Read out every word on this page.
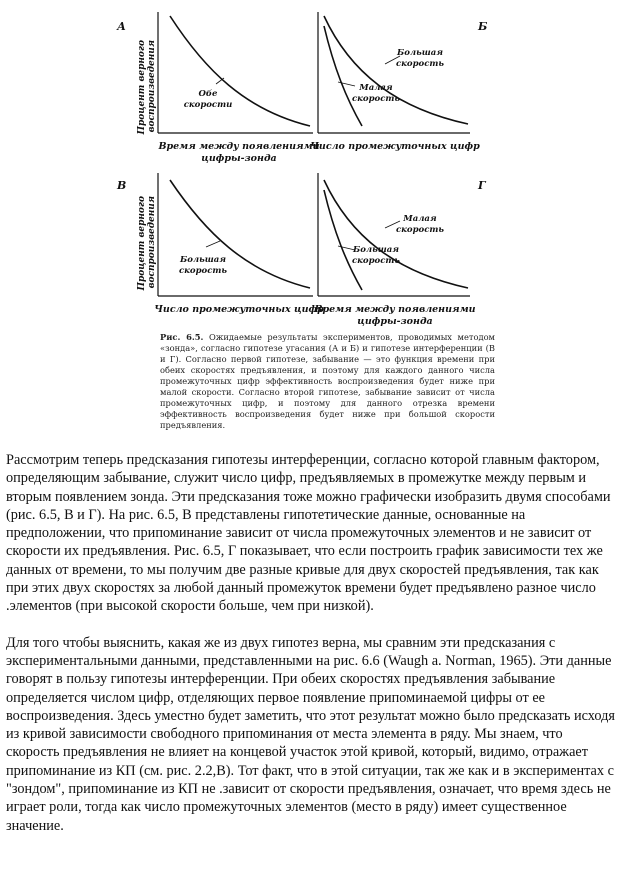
А
Процент верного воспроизведения	Обе
скорости
Время между появлениями
цифры-зонда
Б
Большая
скорость
Малая
скорость
Число промежуточных цифр
В
Процент верного воспроизведения	Большая
скорость
Число промежуточных цифр
Г
Малая
скорость
Большая
скорость
Время между появлениями
цифры-зонда

Рис. 6.5. Ожидаемые результаты экспериментов, проводимых методом «зонда», согласно гипотезе угасания (А и Б) и гипотезе интерференции (В и Г). Согласно первой гипотезе, забывание — это функция времени при обеих скоростях предъявления, и поэтому для каждого данного числа промежуточных цифр эффективность воспроизведения будет ниже при малой скорости. Согласно второй гипотезе, забывание зависит от числа промежуточных цифр, и поэтому для данного отрезка времени эффективность воспроизведения будет ниже при большой скорости предъявления.

Рассмотрим теперь предсказания гипотезы интерференции, согласно которой главным фактором, определяющим забывание, служит число цифр, предъявляемых в промежутке между первым и вторым появлением зонда. Эти предсказания тоже можно графически изобразить двумя способами (рис. 6.5, В и Г). На рис. 6.5, В представлены гипотетические данные, основанные на предположении, что припоминание зависит от числа промежуточных элементов и не зависит от скорости их предъявления. Рис. 6.5, Г показывает, что если построить график зависимости тех же данных от времени, то мы получим две разные кривые для двух скоростей предъявления, так как при этих двух скоростях за любой данный промежуток времени будет предъявлено разное число .элементов (при высокой скорости больше, чем при низкой).

Для того чтобы выяснить, какая же из двух гипотез верна, мы сравним эти предсказания с экспериментальными данными, представленными на рис. 6.6 (Waugh a. Norman, 1965). Эти данные говорят в пользу гипотезы интерференции. При обеих скоростях предъявления забывание определяется числом цифр, отделяющих первое появление припоминаемой цифры от ее воспроизведения. Здесь уместно будет заметить, что этот результат можно было предсказать исходя из кривой зависимости свободного припоминания от места элемента в ряду. Мы знаем, что скорость предъявления не влияет на концевой участок этой кривой, который, видимо, отражает припоминание из КП (см. рис. 2.2,В). Тот факт, что в этой ситуации, так же как и в экспериментах с "зондом", припоминание из КП не .зависит от скорости предъявления, означает, что время здесь не играет роли, тогда как число промежуточных элементов (место в ряду) имеет существенное значение.
